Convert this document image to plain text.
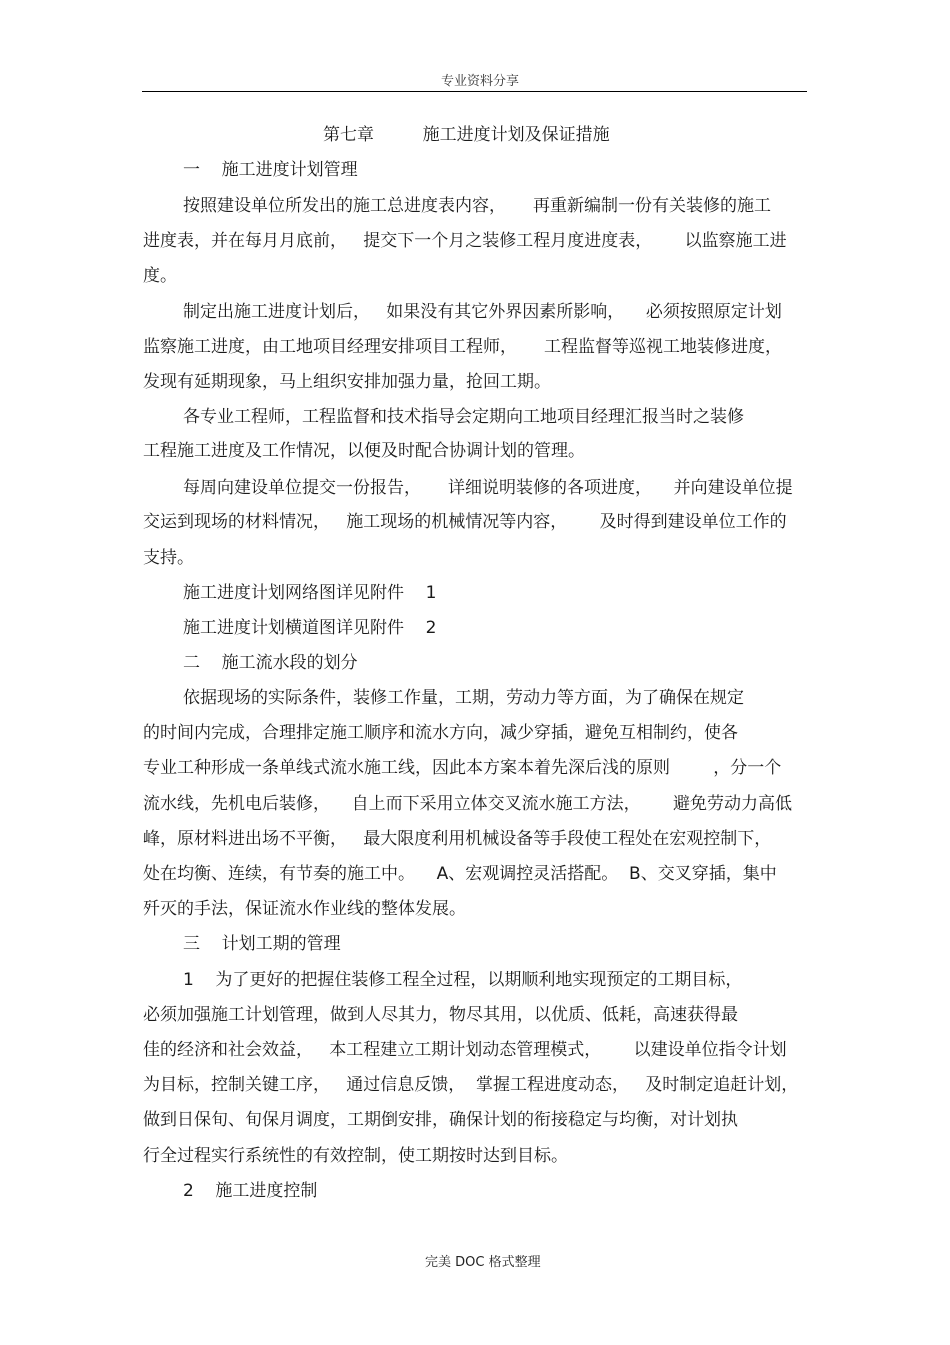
专业资料分享
第七章         施工进度计划及保证措施
一    施工进度计划管理
按照建设单位所发出的施工总进度表内容，     再重新编制一份有关装修的施工
进度表，并在每月月底前，   提交下一个月之装修工程月度进度表，      以监察施工进
度。
制定出施工进度计划后，   如果没有其它外界因素所影响，    必须按照原定计划
监察施工进度，由工地项目经理安排项目工程师，     工程监督等巡视工地装修进度，
发现有延期现象，马上组织安排加强力量，抢回工期。
各专业工程师，工程监督和技术指导会定期向工地项目经理汇报当时之装修
工程施工进度及工作情况，以便及时配合协调计划的管理。
每周向建设单位提交一份报告，     详细说明装修的各项进度，    并向建设单位提
交运到现场的材料情况，   施工现场的机械情况等内容，      及时得到建设单位工作的
支持。
施工进度计划网络图详见附件    1
施工进度计划横道图详见附件    2
二    施工流水段的划分
依据现场的实际条件，装修工作量，工期，劳动力等方面，为了确保在规定
的时间内完成，合理排定施工顺序和流水方向，减少穿插，避免互相制约，使各
专业工种形成一条单线式流水施工线，因此本方案本着先深后浅的原则        ，分一个
流水线，先机电后装修，    自上而下采用立体交叉流水施工方法，      避免劳动力高低
峰，原材料进出场不平衡，   最大限度利用机械设备等手段使工程处在宏观控制下，
处在均衡、连续，有节奏的施工中。    A、宏观调控灵活搭配。  B、交叉穿插，集中
歼灭的手法，保证流水作业线的整体发展。
三    计划工期的管理
1    为了更好的把握住装修工程全过程，以期顺利地实现预定的工期目标，
必须加强施工计划管理，做到人尽其力，物尽其用，以优质、低耗，高速获得最
佳的经济和社会效益，   本工程建立工期计划动态管理模式，      以建设单位指令计划
为目标，控制关键工序，   通过信息反馈，  掌握工程进度动态，   及时制定追赶计划，
做到日保旬、旬保月调度，工期倒安排，确保计划的衔接稳定与均衡，对计划执
行全过程实行系统性的有效控制，使工期按时达到目标。
2    施工进度控制
完美 DOC 格式整理
